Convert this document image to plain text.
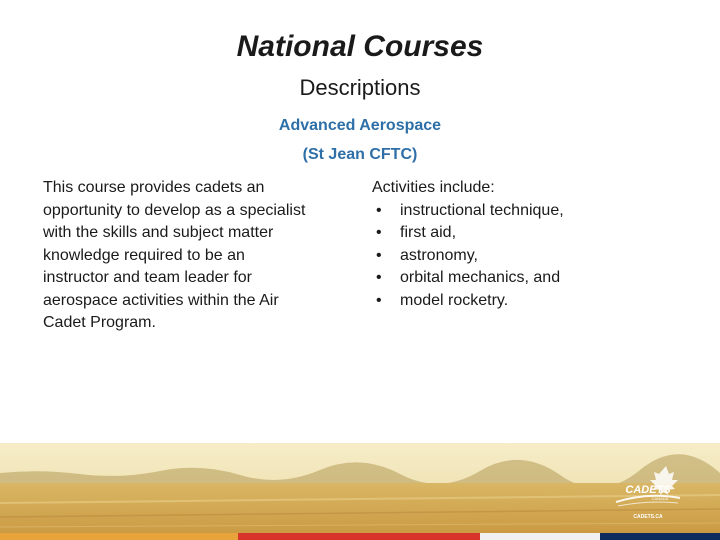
National Courses
Descriptions
Advanced Aerospace
(St Jean CFTC)
This course provides cadets an
opportunity to develop as a specialist
with the skills and subject matter
knowledge required to be an
instructor and team leader for
aerospace activities within the Air
Cadet Program.
Activities include:
• instructional technique,
• first aid,
• astronomy,
• orbital mechanics, and
• model rocketry.
CADETS
CANADA
CADETS.CA
